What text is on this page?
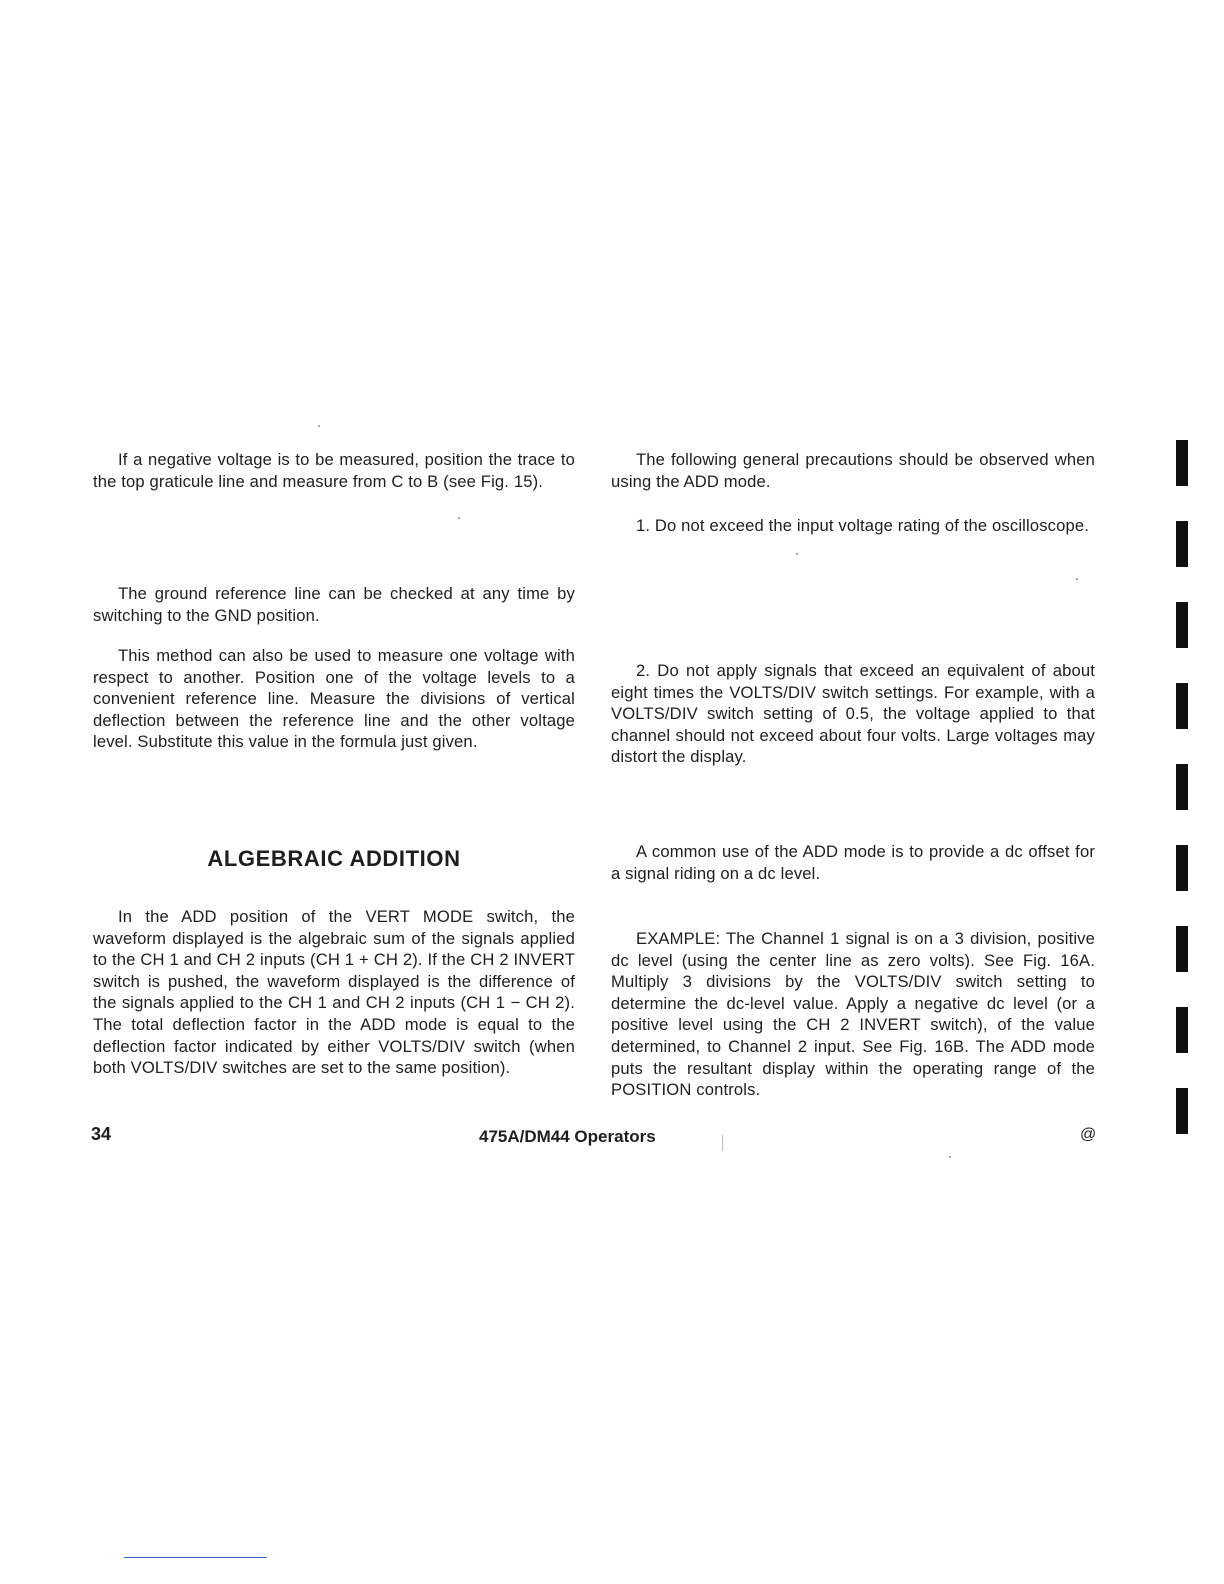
If a negative voltage is to be measured, position the trace to the top graticule line and measure from C to B (see Fig. 15).

The ground reference line can be checked at any time by switching to the GND position.

This method can also be used to measure one voltage with respect to another. Position one of the voltage levels to a convenient reference line. Measure the divisions of vertical deflection between the reference line and the other voltage level. Substitute this value in the formula just given.

ALGEBRAIC ADDITION

In the ADD position of the VERT MODE switch, the waveform displayed is the algebraic sum of the signals applied to the CH 1 and CH 2 inputs (CH 1 + CH 2). If the CH 2 INVERT switch is pushed, the waveform displayed is the difference of the signals applied to the CH 1 and CH 2 inputs (CH 1 − CH 2). The total deflection factor in the ADD mode is equal to the deflection factor indicated by either VOLTS/DIV switch (when both VOLTS/DIV switches are set to the same position).

The following general precautions should be observed when using the ADD mode.

1. Do not exceed the input voltage rating of the oscilloscope.

2. Do not apply signals that exceed an equivalent of about eight times the VOLTS/DIV switch settings. For example, with a VOLTS/DIV switch setting of 0.5, the voltage applied to that channel should not exceed about four volts. Large voltages may distort the display.

A common use of the ADD mode is to provide a dc offset for a signal riding on a dc level.

EXAMPLE: The Channel 1 signal is on a 3 division, positive dc level (using the center line as zero volts). See Fig. 16A. Multiply 3 divisions by the VOLTS/DIV switch setting to determine the dc-level value. Apply a negative dc level (or a positive level using the CH 2 INVERT switch), of the value determined, to Channel 2 input. See Fig. 16B. The ADD mode puts the resultant display within the operating range of the POSITION controls.

34	475A/DM44 Operators	@
